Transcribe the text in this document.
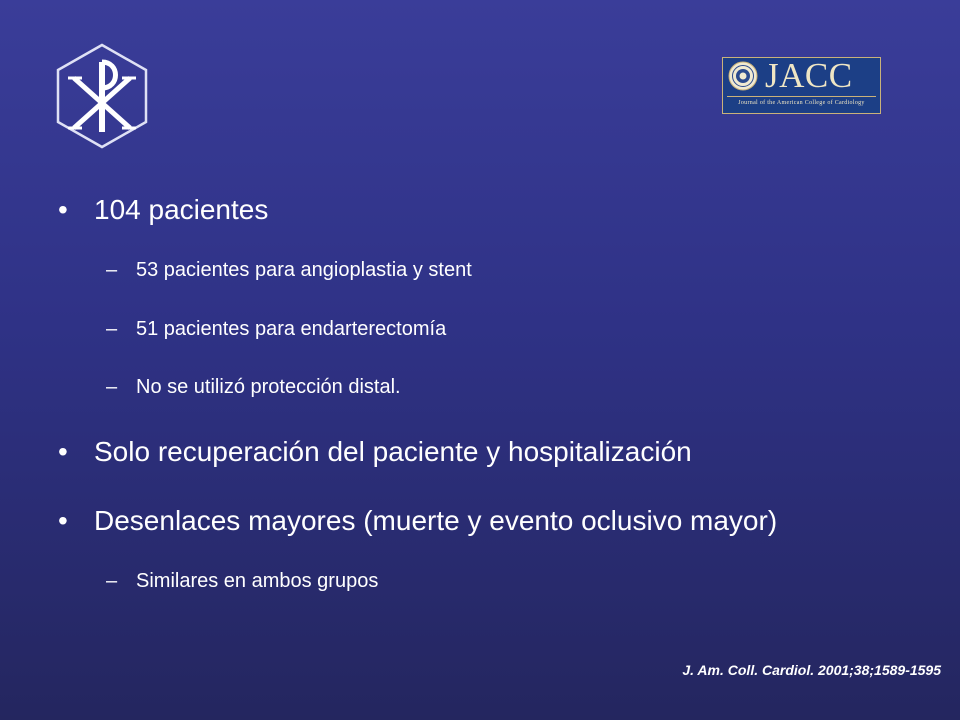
JACC
Journal of the American College of Cardiology
• 104 pacientes
– 53 pacientes para angioplastia y stent
– 51 pacientes para endarterectomía
– No se utilizó protección distal.
• Solo recuperación del paciente y hospitalización
• Desenlaces mayores (muerte y evento oclusivo mayor)
– Similares en ambos grupos
J. Am. Coll. Cardiol. 2001;38;1589-1595
